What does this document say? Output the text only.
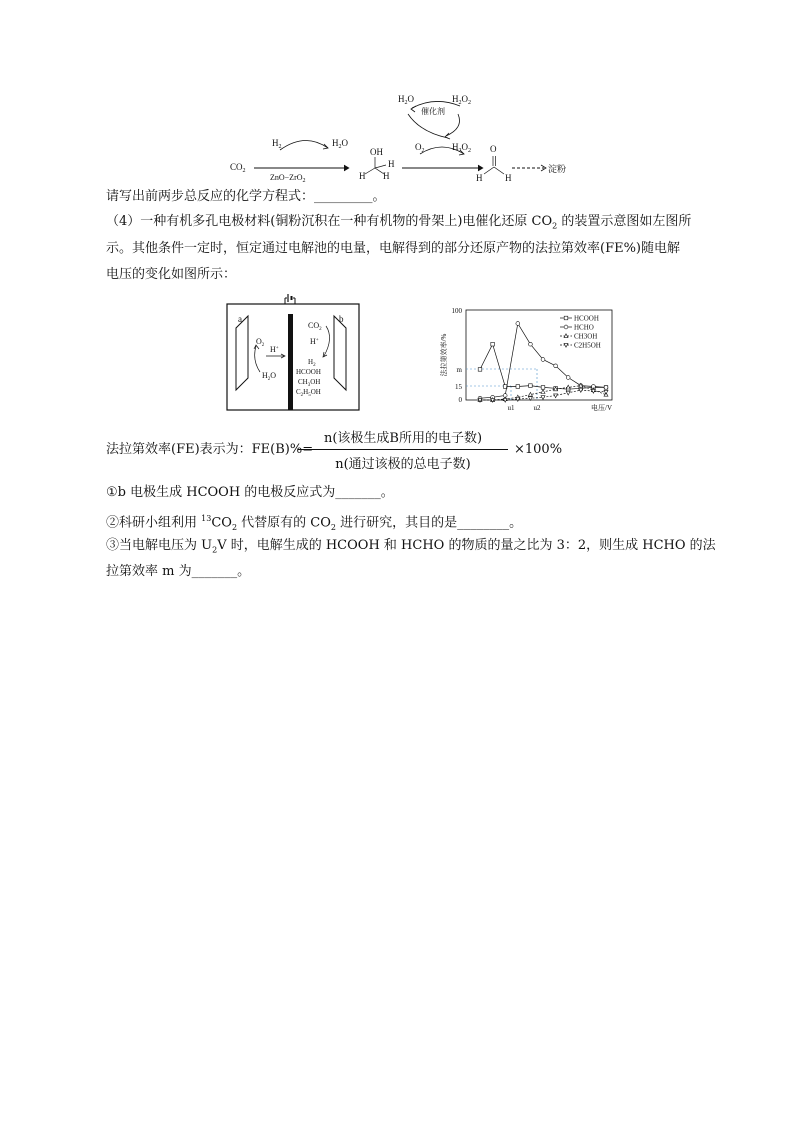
$H_2$	$H_2O$
$CO_2$
ZnO−ZrO$_2$
OH
H
H H
$H_2O$	$H_2O_2$
催化剂
$O_2$	$H_2O_2$ O
H	H
淀粉
请写出前两步总反应的化学方程式：_________。
（4）一种有机多孔电极材料(铜粉沉积在一种有机物的骨架上)电催化还原 $CO_2$ 的装置示意图如左图所
示。其他条件一定时，恒定通过电解池的电量，电解得到的部分还原产物的法拉第效率(FE%)随电解
电压的变化如图所示：
a	b
$O_2$ H+
$H_2O$
$CO_2$
H+
$H_2$
HCOOH
$CH_3OH$
$C_2H_5OH$
法拉第效率/%
100
m
15
0
u1	u2	电压/V
HCOOH
HCHO
CH3OH
C2H5OH
法拉第效率(FE)表示为：FE(B)%=
n(该极生成B所用的电子数)
n(通过该极的总电子数)
×100%
①b 电极生成 HCOOH 的电极反应式为_______。
②科研小组利用 $^{13}CO_2$ 代替原有的 $CO_2$ 进行研究，其目的是________。
③当电解电压为 $U_2V$ 时，电解生成的 HCOOH 和 HCHO 的物质的量之比为 3：2，则生成 HCHO 的法
拉第效率 m 为_______。
